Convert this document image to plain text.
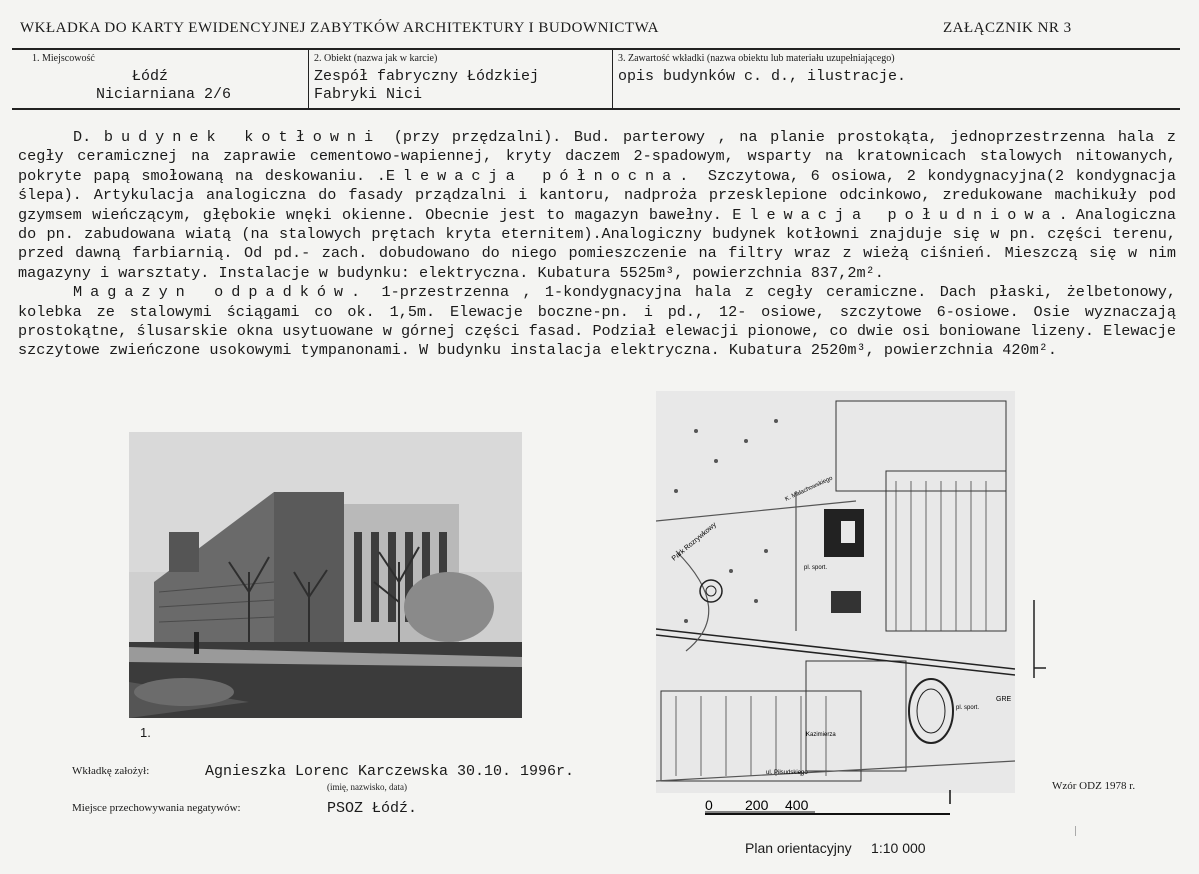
WKŁADKA DO KARTY EWIDENCYJNEJ ZABYTKÓW ARCHITEKTURY I BUDOWNICTWA	ZAŁĄCZNIK NR 3
1. Miejscowość
Łódź
Niciarniana 2/6
2. Obiekt (nazwa jak w karcie)
Zespół fabryczny Łódzkiej
Fabryki Nici
3. Zawartość wkładki (nazwa obiektu lub materiału uzupełniającego)
opis budynków c. d., ilustracje.

D. budynek kotłowni (przy przędzalni). Bud. parterowy , na planie prostokąta, jednoprzestrzenna hala z cegły ceramicznej na zaprawie cementowo-wapiennej, kryty daczem 2-spadowym, wsparty na kratownicach stalowych nitowanych, pokryte papą smołowaną na deskowaniu. .Elewacja północna. Szczytowa, 6 osiowa, 2 kondygnacyjna(2 kondygnacja ślepa). Artykulacja analogiczna do fasady prządzalni i kantoru, nadproża przesklepione odcinkowo, zredukowane machikuły pod gzymsem wieńczącym, głębokie wnęki okienne. Obecnie jest to magazyn bawełny. Elewacja południowa.Analogiczna do pn. zabudowana wiatą (na stalowych prętach kryta eternitem).Analogiczny budynek kotłowni znajduje się w pn. części terenu, przed dawną farbiarnią. Od pd.- zach. dobudowano do niego pomieszczenie na filtry wraz z wieżą ciśnień. Mieszczą się w nim magazyny i warsztaty. Instalacje w budynku: elektryczna. Kubatura 5525m³, powierzchnia 837,2m².

Magazyn odpadków. 1-przestrzenna , 1-kondygnacyjna hala z cegły ceramiczne. Dach płaski, żelbetonowy, kolebka ze stalowymi ściągami co ok. 1,5m. Elewacje boczne-pn. i pd., 12- osiowe, szczytowe 6-osiowe. Osie wyznaczają prostokątne, ślusarskie okna usytuowane w górnej części fasad. Podział elewacji pionowe, co dwie osi boniowane lizeny. Elewacje szczytowe zwieńczone usokowymi tympanonami. W budynku instalacja elektryczna. Kubatura 2520m³, powierzchnia 420m².

1.
Park Rozrywkowy
pl. sport.
pl. sport.
ul. Piłsudskiego
K. Małachowskiego
Kazimierza
GRE
0 200 400
Plan orientacyjny     1:10 000
Wkładkę założył:	Agnieszka Lorenc Karczewska 30.10. 1996r.
(imię, nazwisko, data)
Miejsce przechowywania negatywów:	PSOZ Łódź.
Wzór ODZ 1978 r.
